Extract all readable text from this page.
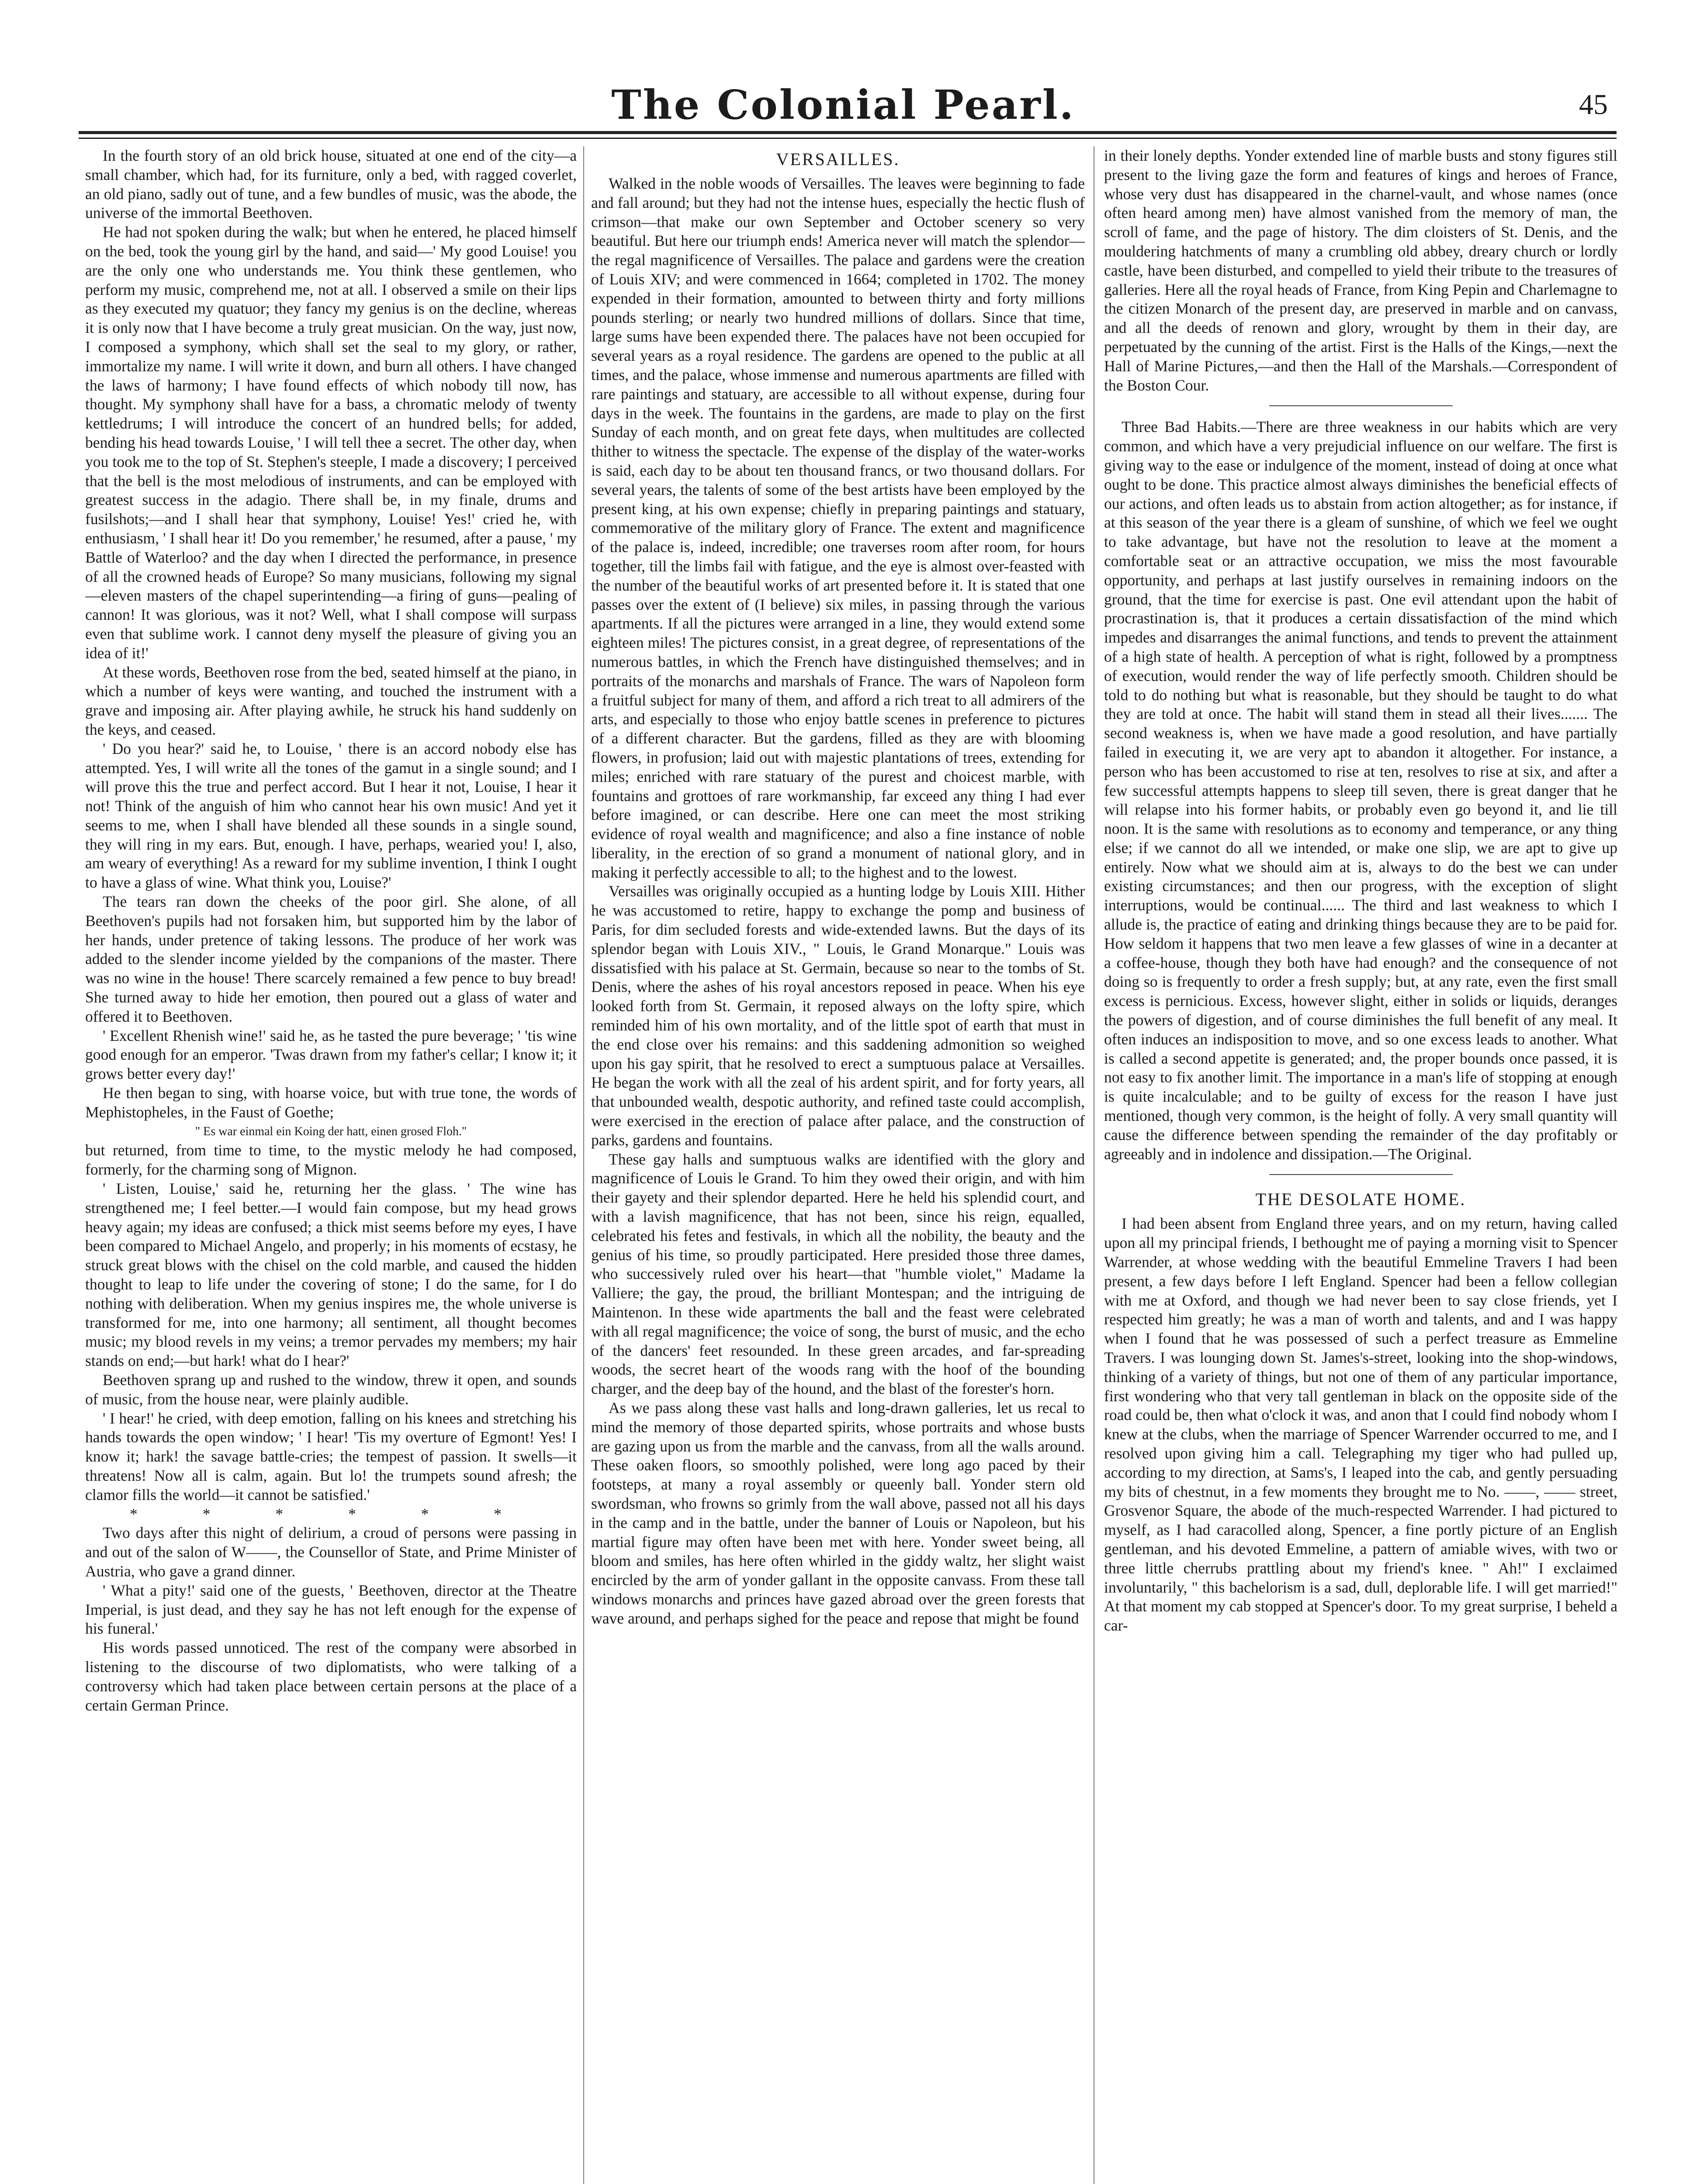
The Colonial Pearl.	45

In the fourth story of an old brick house, situated at one end of the city—a small chamber, which had, for its furniture, only a bed, with ragged coverlet, an old piano, sadly out of tune, and a few bundles of music, was the abode, the universe of the immortal Beethoven.

He had not spoken during the walk; but when he entered, he placed himself on the bed, took the young girl by the hand, and said—' My good Louise! you are the only one who understands me. You think these gentlemen, who perform my music, comprehend me, not at all. I observed a smile on their lips as they executed my quatuor; they fancy my genius is on the decline, whereas it is only now that I have become a truly great musician. On the way, just now, I composed a symphony, which shall set the seal to my glory, or rather, immortalize my name. I will write it down, and burn all others. I have changed the laws of harmony; I have found effects of which nobody till now, has thought. My symphony shall have for a bass, a chromatic melody of twenty kettledrums; I will introduce the concert of an hundred bells; for added, bending his head towards Louise, ' I will tell thee a secret. The other day, when you took me to the top of St. Stephen's steeple, I made a discovery; I perceived that the bell is the most melodious of instruments, and can be employed with greatest success in the adagio. There shall be, in my finale, drums and fusilshots;—and I shall hear that symphony, Louise! Yes!' cried he, with enthusiasm, ' I shall hear it! Do you remember,' he resumed, after a pause, ' my Battle of Waterloo? and the day when I directed the performance, in presence of all the crowned heads of Europe? So many musicians, following my signal—eleven masters of the chapel superintending—a firing of guns—pealing of cannon! It was glorious, was it not? Well, what I shall compose will surpass even that sublime work. I cannot deny myself the pleasure of giving you an idea of it!'

At these words, Beethoven rose from the bed, seated himself at the piano, in which a number of keys were wanting, and touched the instrument with a grave and imposing air. After playing awhile, he struck his hand suddenly on the keys, and ceased.

' Do you hear?' said he, to Louise, ' there is an accord nobody else has attempted. Yes, I will write all the tones of the gamut in a single sound; and I will prove this the true and perfect accord. But I hear it not, Louise, I hear it not! Think of the anguish of him who cannot hear his own music! And yet it seems to me, when I shall have blended all these sounds in a single sound, they will ring in my ears. But, enough. I have, perhaps, wearied you! I, also, am weary of everything! As a reward for my sublime invention, I think I ought to have a glass of wine. What think you, Louise?'

The tears ran down the cheeks of the poor girl. She alone, of all Beethoven's pupils had not forsaken him, but supported him by the labor of her hands, under pretence of taking lessons. The produce of her work was added to the slender income yielded by the companions of the master. There was no wine in the house! There scarcely remained a few pence to buy bread! She turned away to hide her emotion, then poured out a glass of water and offered it to Beethoven.

' Excellent Rhenish wine!' said he, as he tasted the pure beverage; ' 'tis wine good enough for an emperor. 'Twas drawn from my father's cellar; I know it; it grows better every day!'

He then began to sing, with hoarse voice, but with true tone, the words of Mephistopheles, in the Faust of Goethe;

" Es war einmal ein Koing der hatt, einen grosed Floh."

but returned, from time to time, to the mystic melody he had composed, formerly, for the charming song of Mignon.

' Listen, Louise,' said he, returning her the glass. ' The wine has strengthened me; I feel better.—I would fain compose, but my head grows heavy again; my ideas are confused; a thick mist seems before my eyes, I have been compared to Michael Angelo, and properly; in his moments of ecstasy, he struck great blows with the chisel on the cold marble, and caused the hidden thought to leap to life under the covering of stone; I do the same, for I do nothing with deliberation. When my genius inspires me, the whole universe is transformed for me, into one harmony; all sentiment, all thought becomes music; my blood revels in my veins; a tremor pervades my members; my hair stands on end;—but hark! what do I hear?'

Beethoven sprang up and rushed to the window, threw it open, and sounds of music, from the house near, were plainly audible.

' I hear!' he cried, with deep emotion, falling on his knees and stretching his hands towards the open window; ' I hear! 'Tis my overture of Egmont! Yes! I know it; hark! the savage battle-cries; the tempest of passion. It swells—it threatens! Now all is calm, again. But lo! the trumpets sound afresh; the clamor fills the world—it cannot be satisfied.'

* * * * * *

Two days after this night of delirium, a croud of persons were passing in and out of the salon of W——, the Counsellor of State, and Prime Minister of Austria, who gave a grand dinner.

' What a pity!' said one of the guests, ' Beethoven, director at the Theatre Imperial, is just dead, and they say he has not left enough for the expense of his funeral.'

His words passed unnoticed. The rest of the company were absorbed in listening to the discourse of two diplomatists, who were talking of a controversy which had taken place between certain persons at the place of a certain German Prince.

VERSAILLES.

Walked in the noble woods of Versailles. The leaves were beginning to fade and fall around; but they had not the intense hues, especially the hectic flush of crimson—that make our own September and October scenery so very beautiful. But here our triumph ends! America never will match the splendor—the regal magnificence of Versailles. The palace and gardens were the creation of Louis XIV; and were commenced in 1664; completed in 1702. The money expended in their formation, amounted to between thirty and forty millions pounds sterling; or nearly two hundred millions of dollars. Since that time, large sums have been expended there. The palaces have not been occupied for several years as a royal residence. The gardens are opened to the public at all times, and the palace, whose immense and numerous apartments are filled with rare paintings and statuary, are accessible to all without expense, during four days in the week. The fountains in the gardens, are made to play on the first Sunday of each month, and on great fete days, when multitudes are collected thither to witness the spectacle. The expense of the display of the water-works is said, each day to be about ten thousand francs, or two thousand dollars. For several years, the talents of some of the best artists have been employed by the present king, at his own expense; chiefly in preparing paintings and statuary, commemorative of the military glory of France. The extent and magnificence of the palace is, indeed, incredible; one traverses room after room, for hours together, till the limbs fail with fatigue, and the eye is almost over-feasted with the number of the beautiful works of art presented before it. It is stated that one passes over the extent of (I believe) six miles, in passing through the various apartments. If all the pictures were arranged in a line, they would extend some eighteen miles! The pictures consist, in a great degree, of representations of the numerous battles, in which the French have distinguished themselves; and in portraits of the monarchs and marshals of France. The wars of Napoleon form a fruitful subject for many of them, and afford a rich treat to all admirers of the arts, and especially to those who enjoy battle scenes in preference to pictures of a different character. But the gardens, filled as they are with blooming flowers, in profusion; laid out with majestic plantations of trees, extending for miles; enriched with rare statuary of the purest and choicest marble, with fountains and grottoes of rare workmanship, far exceed any thing I had ever before imagined, or can describe. Here one can meet the most striking evidence of royal wealth and magnificence; and also a fine instance of noble liberality, in the erection of so grand a monument of national glory, and in making it perfectly accessible to all; to the highest and to the lowest.

Versailles was originally occupied as a hunting lodge by Louis XIII. Hither he was accustomed to retire, happy to exchange the pomp and business of Paris, for dim secluded forests and wide-extended lawns. But the days of its splendor began with Louis XIV., " Louis, le Grand Monarque." Louis was dissatisfied with his palace at St. Germain, because so near to the tombs of St. Denis, where the ashes of his royal ancestors reposed in peace. When his eye looked forth from St. Germain, it reposed always on the lofty spire, which reminded him of his own mortality, and of the little spot of earth that must in the end close over his remains: and this saddening admonition so weighed upon his gay spirit, that he resolved to erect a sumptuous palace at Versailles. He began the work with all the zeal of his ardent spirit, and for forty years, all that unbounded wealth, despotic authority, and refined taste could accomplish, were exercised in the erection of palace after palace, and the construction of parks, gardens and fountains.

These gay halls and sumptuous walks are identified with the glory and magnificence of Louis le Grand. To him they owed their origin, and with him their gayety and their splendor departed. Here he held his splendid court, and with a lavish magnificence, that has not been, since his reign, equalled, celebrated his fetes and festivals, in which all the nobility, the beauty and the genius of his time, so proudly participated. Here presided those three dames, who successively ruled over his heart—that "humble violet," Madame la Valliere; the gay, the proud, the brilliant Montespan; and the intriguing de Maintenon. In these wide apartments the ball and the feast were celebrated with all regal magnificence; the voice of song, the burst of music, and the echo of the dancers' feet resounded. In these green arcades, and far-spreading woods, the secret heart of the woods rang with the hoof of the bounding charger, and the deep bay of the hound, and the blast of the forester's horn.

As we pass along these vast halls and long-drawn galleries, let us recal to mind the memory of those departed spirits, whose portraits and whose busts are gazing upon us from the marble and the canvass, from all the walls around. These oaken floors, so smoothly polished, were long ago paced by their footsteps, at many a royal assembly or queenly ball. Yonder stern old swordsman, who frowns so grimly from the wall above, passed not all his days in the camp and in the battle, under the banner of Louis or Napoleon, but his martial figure may often have been met with here. Yonder sweet being, all bloom and smiles, has here often whirled in the giddy waltz, her slight waist encircled by the arm of yonder gallant in the opposite canvass. From these tall windows monarchs and princes have gazed abroad over the green forests that wave around, and perhaps sighed for the peace and repose that might be found

in their lonely depths. Yonder extended line of marble busts and stony figures still present to the living gaze the form and features of kings and heroes of France, whose very dust has disappeared in the charnel-vault, and whose names (once often heard among men) have almost vanished from the memory of man, the scroll of fame, and the page of history. The dim cloisters of St. Denis, and the mouldering hatchments of many a crumbling old abbey, dreary church or lordly castle, have been disturbed, and compelled to yield their tribute to the treasures of galleries. Here all the royal heads of France, from King Pepin and Charlemagne to the citizen Monarch of the present day, are preserved in marble and on canvass, and all the deeds of renown and glory, wrought by them in their day, are perpetuated by the cunning of the artist. First is the Halls of the Kings,—next the Hall of Marine Pictures,—and then the Hall of the Marshals.—Correspondent of the Boston Cour.

Three Bad Habits.—There are three weakness in our habits which are very common, and which have a very prejudicial influence on our welfare. The first is giving way to the ease or indulgence of the moment, instead of doing at once what ought to be done. This practice almost always diminishes the beneficial effects of our actions, and often leads us to abstain from action altogether; as for instance, if at this season of the year there is a gleam of sunshine, of which we feel we ought to take advantage, but have not the resolution to leave at the moment a comfortable seat or an attractive occupation, we miss the most favourable opportunity, and perhaps at last justify ourselves in remaining indoors on the ground, that the time for exercise is past. One evil attendant upon the habit of procrastination is, that it produces a certain dissatisfaction of the mind which impedes and disarranges the animal functions, and tends to prevent the attainment of a high state of health. A perception of what is right, followed by a promptness of execution, would render the way of life perfectly smooth. Children should be told to do nothing but what is reasonable, but they should be taught to do what they are told at once. The habit will stand them in stead all their lives....... The second weakness is, when we have made a good resolution, and have partially failed in executing it, we are very apt to abandon it altogether. For instance, a person who has been accustomed to rise at ten, resolves to rise at six, and after a few successful attempts happens to sleep till seven, there is great danger that he will relapse into his former habits, or probably even go beyond it, and lie till noon. It is the same with resolutions as to economy and temperance, or any thing else; if we cannot do all we intended, or make one slip, we are apt to give up entirely. Now what we should aim at is, always to do the best we can under existing circumstances; and then our progress, with the exception of slight interruptions, would be continual...... The third and last weakness to which I allude is, the practice of eating and drinking things because they are to be paid for. How seldom it happens that two men leave a few glasses of wine in a decanter at a coffee-house, though they both have had enough? and the consequence of not doing so is frequently to order a fresh supply; but, at any rate, even the first small excess is pernicious. Excess, however slight, either in solids or liquids, deranges the powers of digestion, and of course diminishes the full benefit of any meal. It often induces an indisposition to move, and so one excess leads to another. What is called a second appetite is generated; and, the proper bounds once passed, it is not easy to fix another limit. The importance in a man's life of stopping at enough is quite incalculable; and to be guilty of excess for the reason I have just mentioned, though very common, is the height of folly. A very small quantity will cause the difference between spending the remainder of the day profitably or agreeably and in indolence and dissipation.—The Original.

THE DESOLATE HOME.

I had been absent from England three years, and on my return, having called upon all my principal friends, I bethought me of paying a morning visit to Spencer Warrender, at whose wedding with the beautiful Emmeline Travers I had been present, a few days before I left England. Spencer had been a fellow collegian with me at Oxford, and though we had never been to say close friends, yet I respected him greatly; he was a man of worth and talents, and and I was happy when I found that he was possessed of such a perfect treasure as Emmeline Travers. I was lounging down St. James's-street, looking into the shop-windows, thinking of a variety of things, but not one of them of any particular importance, first wondering who that very tall gentleman in black on the opposite side of the road could be, then what o'clock it was, and anon that I could find nobody whom I knew at the clubs, when the marriage of Spencer Warrender occurred to me, and I resolved upon giving him a call. Telegraphing my tiger who had pulled up, according to my direction, at Sams's, I leaped into the cab, and gently persuading my bits of chestnut, in a few moments they brought me to No. ——, —— street, Grosvenor Square, the abode of the much-respected Warrender. I had pictured to myself, as I had caracolled along, Spencer, a fine portly picture of an English gentleman, and his devoted Emmeline, a pattern of amiable wives, with two or three little cherrubs prattling about my friend's knee. " Ah!" I exclaimed involuntarily, " this bachelorism is a sad, dull, deplorable life. I will get married!" At that moment my cab stopped at Spencer's door. To my great surprise, I beheld a car-
